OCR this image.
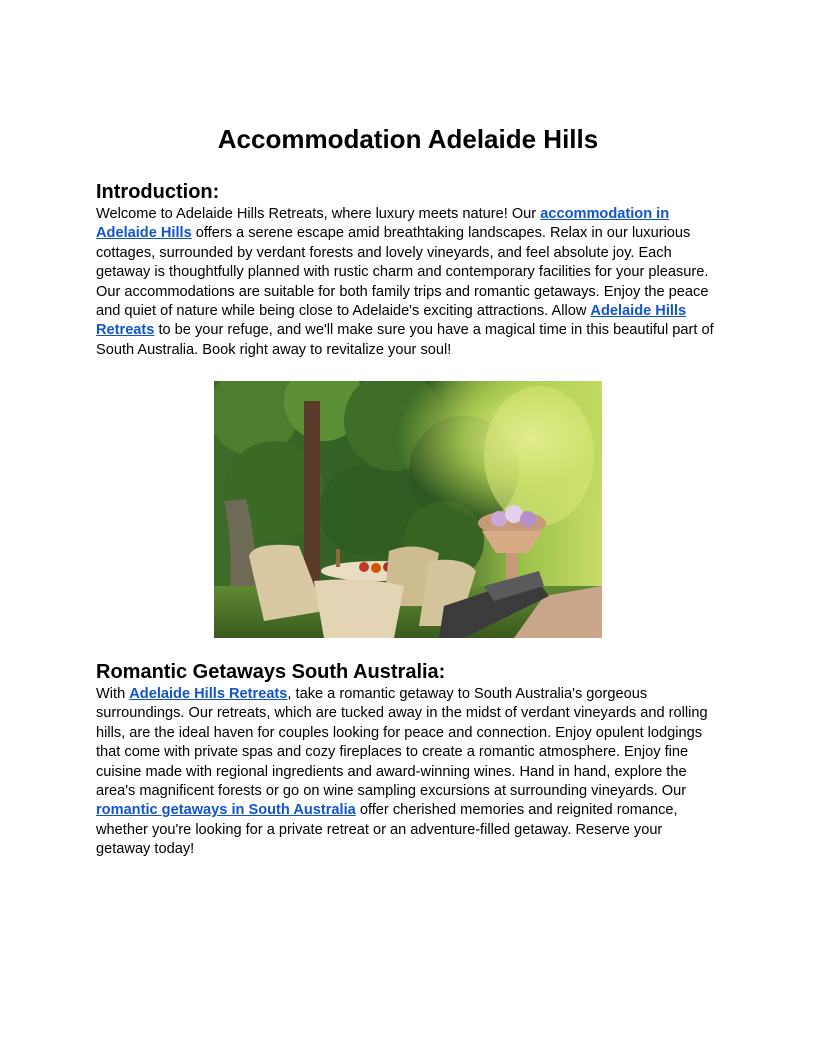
Accommodation Adelaide Hills
Introduction:

Welcome to Adelaide Hills Retreats, where luxury meets nature! Our accommodation in Adelaide Hills offers a serene escape amid breathtaking landscapes. Relax in our luxurious cottages, surrounded by verdant forests and lovely vineyards, and feel absolute joy. Each getaway is thoughtfully planned with rustic charm and contemporary facilities for your pleasure. Our accommodations are suitable for both family trips and romantic getaways. Enjoy the peace and quiet of nature while being close to Adelaide's exciting attractions. Allow Adelaide Hills Retreats to be your refuge, and we'll make sure you have a magical time in this beautiful part of South Australia. Book right away to revitalize your soul!

Romantic Getaways South Australia:

With Adelaide Hills Retreats, take a romantic getaway to South Australia's gorgeous surroundings. Our retreats, which are tucked away in the midst of verdant vineyards and rolling hills, are the ideal haven for couples looking for peace and connection. Enjoy opulent lodgings that come with private spas and cozy fireplaces to create a romantic atmosphere. Enjoy fine cuisine made with regional ingredients and award-winning wines. Hand in hand, explore the area's magnificent forests or go on wine sampling excursions at surrounding vineyards. Our romantic getaways in South Australia offer cherished memories and reignited romance, whether you're looking for a private retreat or an adventure-filled getaway. Reserve your getaway today!
